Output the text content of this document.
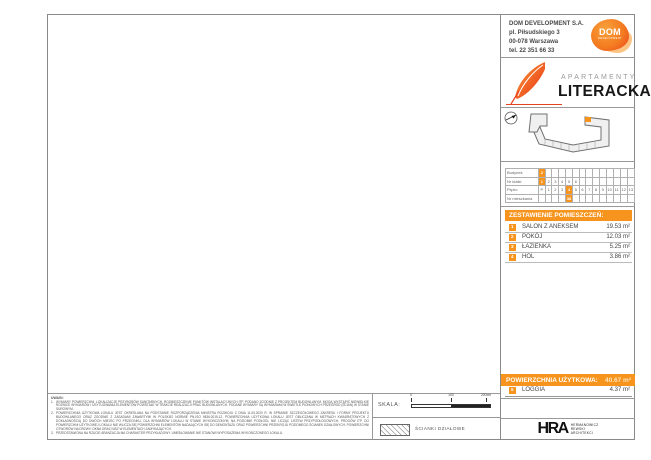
UWAGI:
1. WYMIARY POWIERZCHNI, LOKALIZACJĘ PRZYBORÓW SANITARNYCH, ROZMIESZCZENIE PUNKTÓW INSTALACYJNYCH ITP. PODANO ZGODNIE Z PROJEKTEM BUDOWLANYM. MOGĄ WYSTĄPIĆ NIEWIELKIE RÓŻNICE WYMIARÓW I USYTUOWANIA ELEMENTÓW POWSTAŁE W TRAKCIE REALIZACJI PRAC BUDOWLANYCH. PODANE WYMIARY SĄ WYMIARAMI W ŚWIETLE PIONOWYCH PRZEGRÓD (ŚCIAN) W STANIE SUROWYM.
2. POWIERZCHNIA UŻYTKOWA LOKALU JEST OKREŚLANA NA PODSTAWIE ROZPORZĄDZENIA MINISTRA ROZWOJU Z DNIA 11.09.2020 R. W SPRAWIE SZCZEGÓŁOWEGO ZAKRESU I FORMY PROJEKTU BUDOWLANEGO ORAZ ZGODNIE Z ZASADAMI ZAWARTYMI W POLSKIEJ NORMIE PN-ISO 9836:2015-12. POWIERZCHNIA UŻYTKOWA LOKALU JEST OBLICZANA W METRACH KWADRATOWYCH Z DOKŁADNOŚCIĄ DO DWÓCH MIEJSC PO PRZECINKU, DLA WYMIARÓW LOKALU W STANIE WYKOŃCZONYM, NA POZIOMIE PODŁOGI, NIE LICZĄC LISTEW PRZYPODŁOGOWYCH, PROGÓW ITP. DO POWIERZCHNI UŻYTKOWEJ LOKALU NIE WLICZA SIĘ POWIERZCHNI ELEMENTÓW NADAJĄCYCH SIĘ DO DEMONTAŻU ORAZ POWIERZCHNI PRZEKROJU POZIOMEGO ŚCIANEK DZIAŁOWYCH, POWIERZCHNI OTWORÓW NA DRZWI I OKNA ORAZ NISZ W ELEMENTACH ZAMYKAJĄCYCH.
3. PRZEDSTAWIONA NA RZUCIE ARANŻACJA MA CHARAKTER PRZYKŁADOWY. UMEBLOWANIE NIE STANOWI WYPOSAŻENIA WYKOŃCZONEGO LOKALU.
SKALA:
0	100	200cm
ŚCIANKI DZIAŁOWE
DOM DEVELOPMENT S.A.
pl. Piłsudskiego 3
00-078 Warszawa
tel. 22 351 66 33
DOM
DEVELOPMENT
APARTAMENTY
LITERACKA
Budynek	2													
Nr klatki	1	2	3	4	5	6								
Piętro	P	1	2	3	4	5	6	7	8	9	10	11	12	13
Nr mieszkania					38									
ZESTAWIENIE POMIESZCZEŃ:
1	SALON Z ANEKSEM	19.53 m²
2	POKÓJ	12.03 m²
3	ŁAZIENKA	5.25 m²
4	HOL	3.86 m²
POWIERZCHNIA UŻYTKOWA: 40.67 m²
5	LOGGIA	4.37 m²
HRA HERMANOWICZ
REWSKI
ARCHITEKCI
